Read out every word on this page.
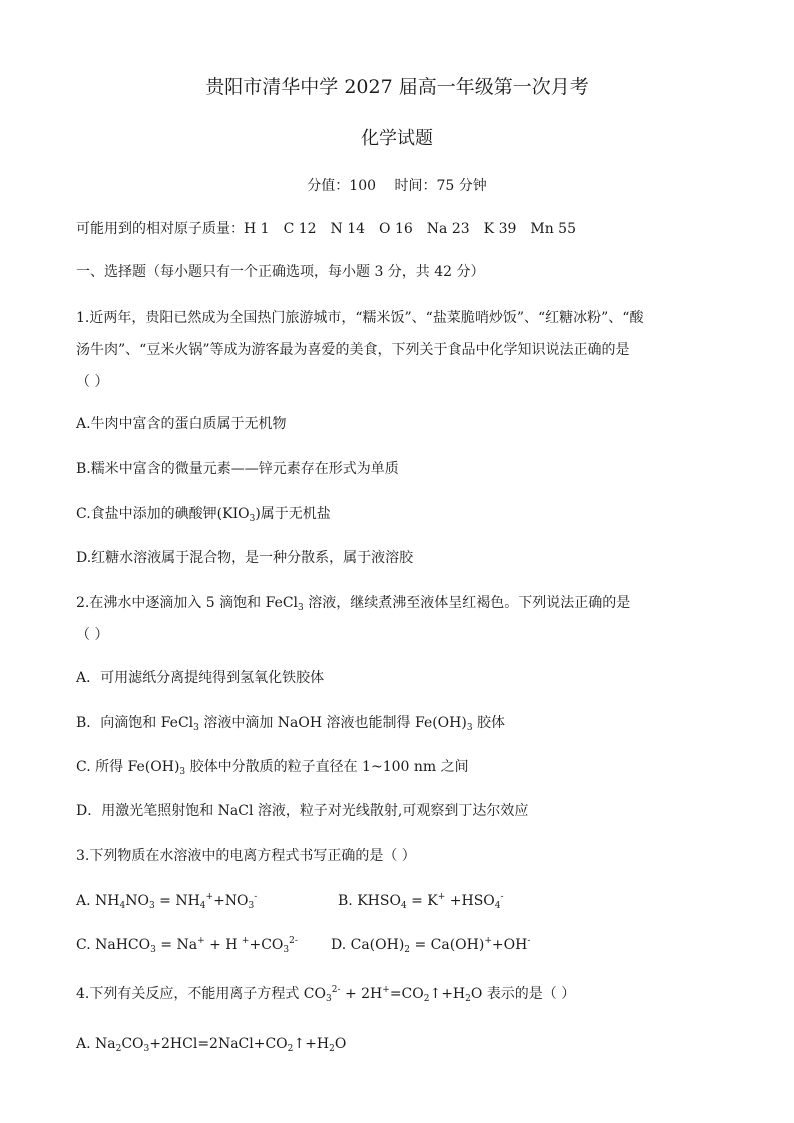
贵阳市清华中学 2027 届高一年级第一次月考
化学试题
分值：100　 时间：75 分钟
可能用到的相对原子质量：H 1　C 12　N 14　O 16　Na 23　K 39　Mn 55
一、选择题（每小题只有一个正确选项，每小题 3 分，共 42 分）
1.近两年，贵阳已然成为全国热门旅游城市，“糯米饭”、“盐菜脆哨炒饭”、“红糖冰粉”、“酸
汤牛肉”、“豆米火锅”等成为游客最为喜爱的美食，下列关于食品中化学知识说法正确的是
（ ）
A.牛肉中富含的蛋白质属于无机物
B.糯米中富含的微量元素——锌元素存在形式为单质
C.食盐中添加的碘酸钾$(KIO_3)$属于无机盐
D.红糖水溶液属于混合物，是一种分散系，属于液溶胶
2.在沸水中逐滴加入 5 滴饱和 FeCl$_3$ 溶液，继续煮沸至液体呈红褐色。下列说法正确的是
（ ）
A．可用滤纸分离提纯得到氢氧化铁胶体
B．向滴饱和 FeCl$_3$ 溶液中滴加 NaOH 溶液也能制得 $Fe(OH)_3$ 胶体
C. 所得 $Fe(OH)_3$ 胶体中分散质的粒子直径在 1~100 nm 之间
D．用激光笔照射饱和 NaCl 溶液，粒子对光线散射,可观察到丁达尔效应
3.下列物质在水溶液中的电离方程式书写正确的是（ ）
A. $NH_4NO_3 = NH_4^++NO_3^-$	B. $KHSO_4 = K^+ +HSO_4^-$
C. NaHCO$_3$ = Na+ + H $^++CO_3^{2-}$ D. $Ca(OH)_2 = Ca(OH)^++OH^-$
4.下列有关反应，不能用离子方程式 $CO_3^{2-}$ + $2H^+=CO_2↑+H_2O$ 表示的是（ ）
A. $Na_2CO_3+2HCl=2NaCl+CO_2↑+H_2O$
